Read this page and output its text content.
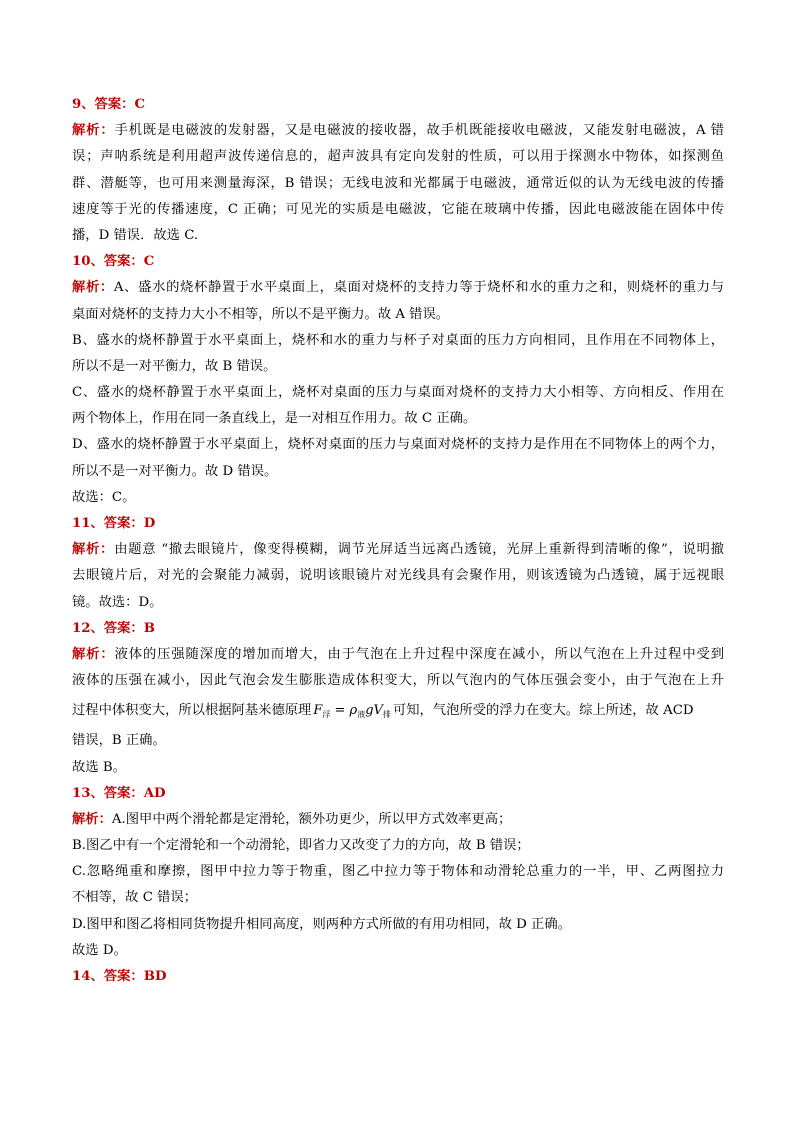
9、答案：C
解析：手机既是电磁波的发射器，又是电磁波的接收器，故手机既能接收电磁波，又能发射电磁波，A 错
误；声呐系统是利用超声波传递信息的，超声波具有定向发射的性质，可以用于探测水中物体，如探测鱼
群、潜艇等，也可用来测量海深，B 错误；无线电波和光都属于电磁波，通常近似的认为无线电波的传播
速度等于光的传播速度，C 正确；可见光的实质是电磁波，它能在玻璃中传播，因此电磁波能在固体中传
播，D 错误．故选 C.
10、答案：C
解析：A、盛水的烧杯静置于水平桌面上，桌面对烧杯的支持力等于烧杯和水的重力之和，则烧杯的重力与
桌面对烧杯的支持力大小不相等，所以不是平衡力。故 A 错误。
B、盛水的烧杯静置于水平桌面上，烧杯和水的重力与杯子对桌面的压力方向相同，且作用在不同物体上，
所以不是一对平衡力，故 B 错误。
C、盛水的烧杯静置于水平桌面上，烧杯对桌面的压力与桌面对烧杯的支持力大小相等、方向相反、作用在
两个物体上，作用在同一条直线上，是一对相互作用力。故 C 正确。
D、盛水的烧杯静置于水平桌面上，烧杯对桌面的压力与桌面对烧杯的支持力是作用在不同物体上的两个力，
所以不是一对平衡力。故 D 错误。
故选：C。
11、答案：D
解析：由题意 “撤去眼镜片，像变得模糊，调节光屏适当远离凸透镜，光屏上重新得到清晰的像”，说明撤
去眼镜片后，对光的会聚能力减弱，说明该眼镜片对光线具有会聚作用，则该透镜为凸透镜，属于远视眼
镜。故选：D。
12、答案：B
解析：液体的压强随深度的增加而增大，由于气泡在上升过程中深度在减小，所以气泡在上升过程中受到
液体的压强在减小，因此气泡会发生膨胀造成体积变大，所以气泡内的气体压强会变小，由于气泡在上升
过程中体积变大，所以根据阿基米德原理 $F_浮 = \rho_液gV_排$ 可知，气泡所受的浮力在变大。综上所述，故 ACD
错误，B 正确。
故选 B。
13、答案：AD
解析：A.图甲中两个滑轮都是定滑轮，额外功更少，所以甲方式效率更高；
B.图乙中有一个定滑轮和一个动滑轮，即省力又改变了力的方向，故 B 错误；
C.忽略绳重和摩擦，图甲中拉力等于物重，图乙中拉力等于物体和动滑轮总重力的一半，甲、乙两图拉力
不相等，故 C 错误；
D.图甲和图乙将相同货物提升相同高度，则两种方式所做的有用功相同，故 D 正确。
故选 D。
14、答案：BD
